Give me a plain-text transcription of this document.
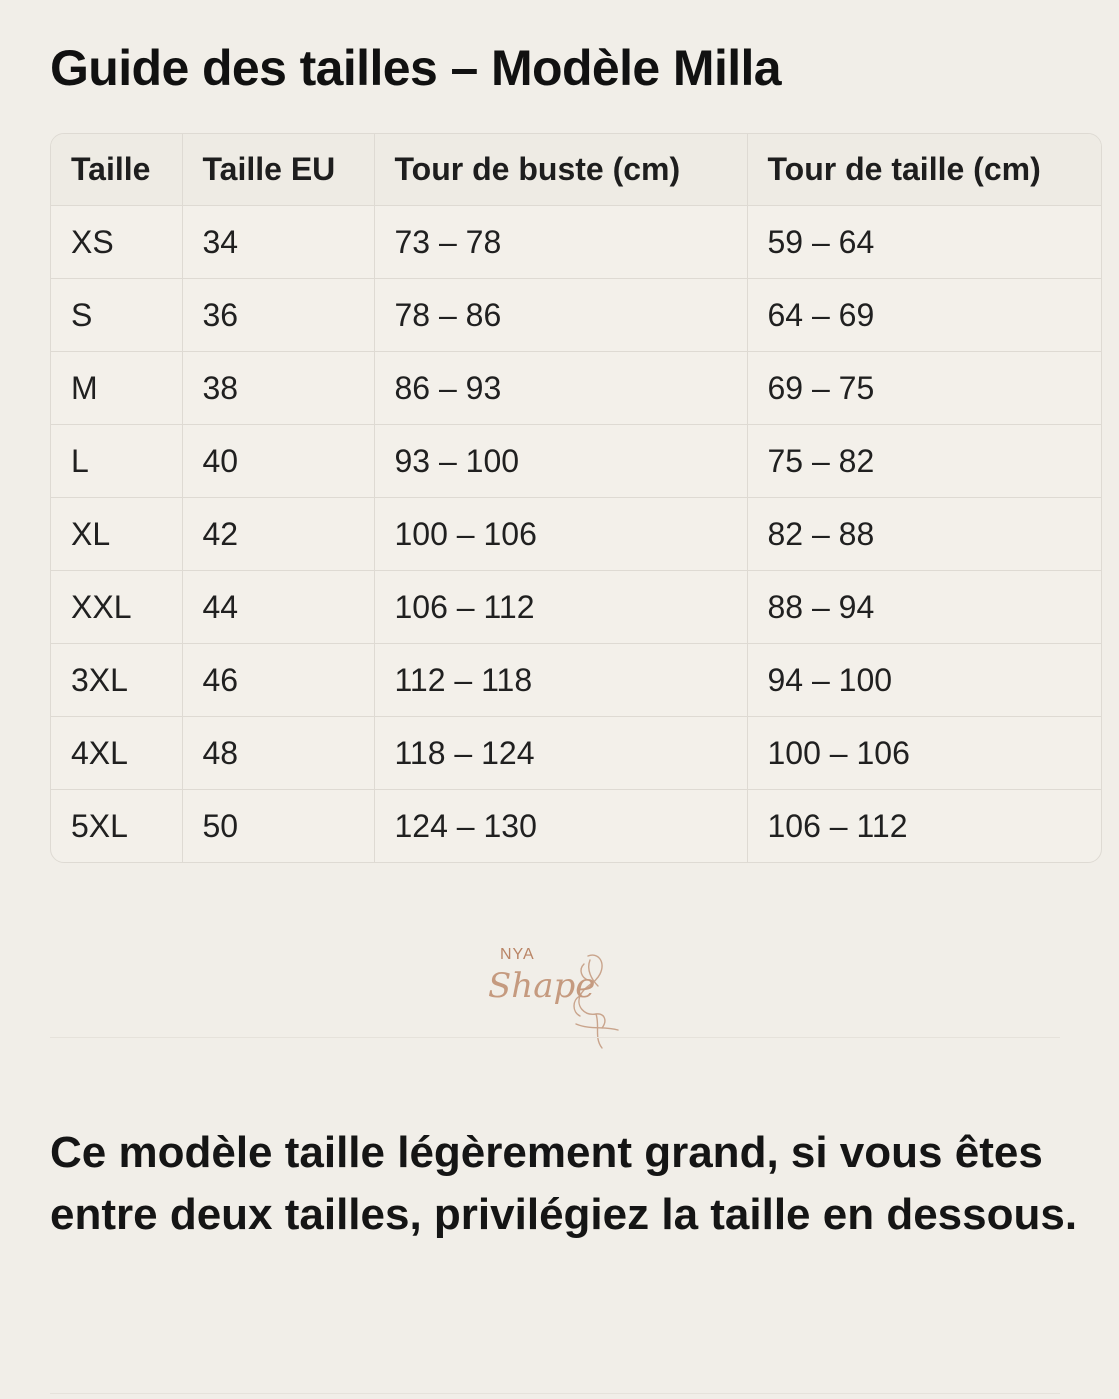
Guide des tailles – Modèle Milla
Taille	Taille EU	Tour de buste (cm)	Tour de taille (cm)
XS	34	73 – 78	59 – 64
S	36	78 – 86	64 – 69
M	38	86 – 93	69 – 75
L	40	93 – 100	75 – 82
XL	42	100 – 106	82 – 88
XXL	44	106 – 112	88 – 94
3XL	46	112 – 118	94 – 100
4XL	48	118 – 124	100 – 106
5XL	50	124 – 130	106 – 112
NYA
Shape

Ce modèle taille légèrement grand, si vous êtes entre deux tailles, privilégiez la taille en dessous.
